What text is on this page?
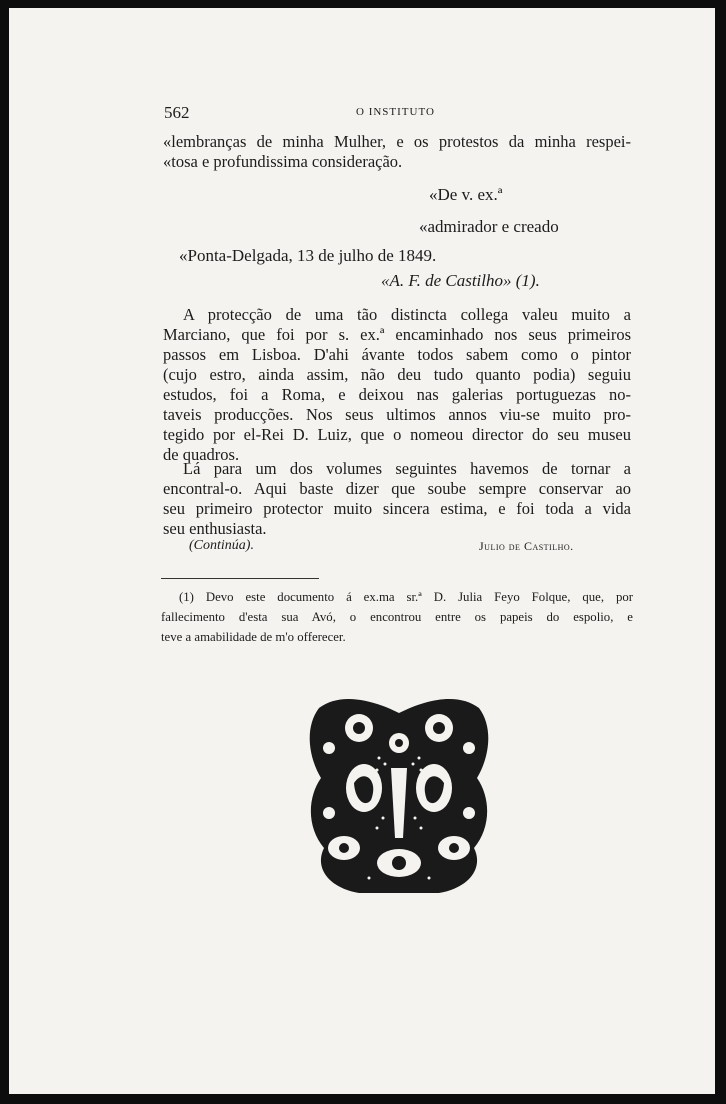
562	O INSTITUTO
«lembranças de minha Mulher, e os protestos da minha respei-
«tosa e profundissima consideração.
«De v. ex.ª
«admirador e creado
«Ponta-Delgada, 13 de julho de 1849.
«A. F. de Castilho» (1).
A protecção de uma tão distincta collega valeu muito a
Marciano, que foi por s. ex.ª encaminhado nos seus primeiros
passos em Lisboa. D'ahi ávante todos sabem como o pintor
(cujo estro, ainda assim, não deu tudo quanto podia) seguiu
estudos, foi a Roma, e deixou nas galerias portuguezas no-
taveis producções. Nos seus ultimos annos viu-se muito pro-
tegido por el-Rei D. Luiz, que o nomeou director do seu museu
de quadros.
Lá para um dos volumes seguintes havemos de tornar a
encontral-o. Aqui baste dizer que soube sempre conservar ao
seu primeiro protector muito sincera estima, e foi toda a vida
seu enthusiasta.
(Continúa).	Julio de Castilho.
(1) Devo este documento á ex.ma sr.ª D. Julia Feyo Folque, que, por
fallecimento d'esta sua Avó, o encontrou entre os papeis do espolio, e
teve a amabilidade de m'o offerecer.
